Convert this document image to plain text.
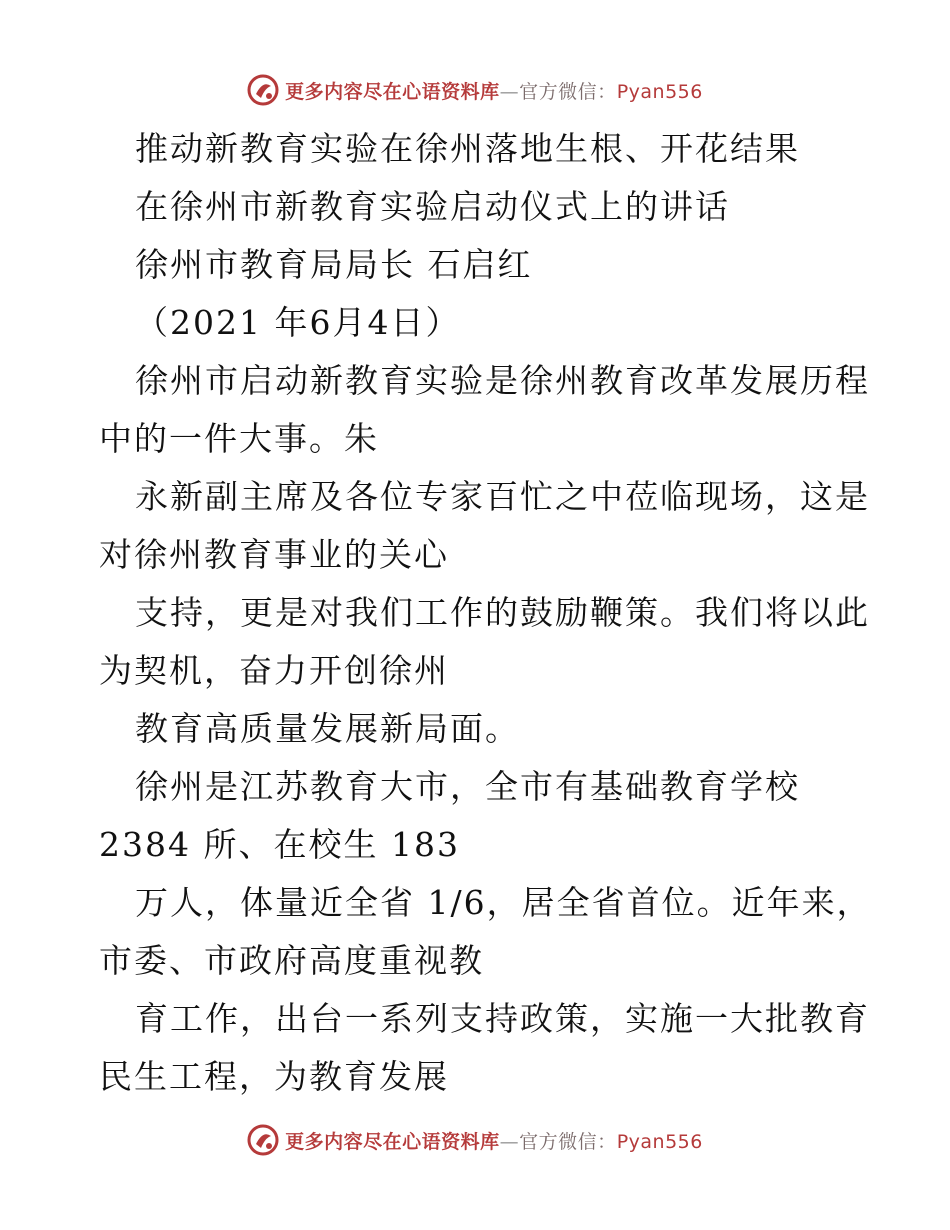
更多内容尽在心语资料库—官方微信：Pyan556
推动新教育实验在徐州落地生根、开花结果
在徐州市新教育实验启动仪式上的讲话
徐州市教育局局长 石启红
（2021 年6月4日）
徐州市启动新教育实验是徐州教育改革发展历程
中的一件大事。朱
永新副主席及各位专家百忙之中莅临现场，这是
对徐州教育事业的关心
支持，更是对我们工作的鼓励鞭策。我们将以此
为契机，奋力开创徐州
教育高质量发展新局面。
徐州是江苏教育大市，全市有基础教育学校
2384 所、在校生 183
万人，体量近全省 1/6，居全省首位。近年来，
市委、市政府高度重视教
育工作，出台一系列支持政策，实施一大批教育
民生工程，为教育发展
更多内容尽在心语资料库—官方微信：Pyan556
